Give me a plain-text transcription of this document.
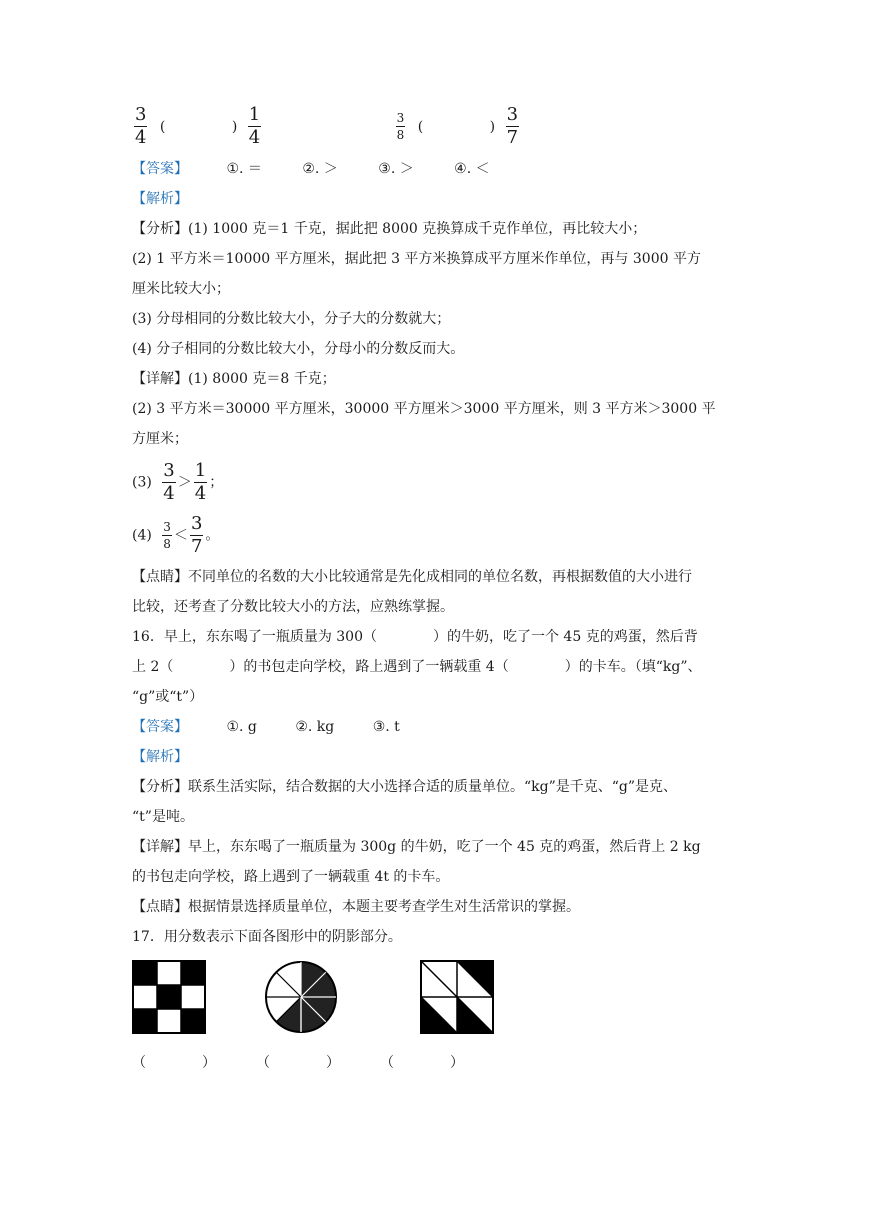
$\frac{3}{4}$ (	) $\frac{1}{4}$
	$\frac{3}{8}$ (	) $\frac{3}{7}$
【答案】	①. ＝	②. ＞	③. ＞	④. ＜
【解析】
【分析】(1) 1000 克＝1 千克，据此把 8000 克换算成千克作单位，再比较大小；
(2) 1 平方米＝10000 平方厘米，据此把 3 平方米换算成平方厘米作单位，再与 3000 平方
厘米比较大小；
(3) 分母相同的分数比较大小，分子大的分数就大；
(4) 分子相同的分数比较大小，分母小的分数反而大。
【详解】(1) 8000 克＝8 千克；
(2) 3 平方米＝30000 平方厘米，30000 平方厘米＞3000 平方厘米，则 3 平方米＞3000 平
方厘米；
$(3) \frac{3}{4} > \frac{1}{4}$ ；
$(4) \frac{3}{8} < \frac{3}{7}$ 。
【点睛】不同单位的名数的大小比较通常是先化成相同的单位名数，再根据数值的大小进行
比较，还考查了分数比较大小的方法，应熟练掌握。
16．早上，东东喝了一瓶质量为 300（　　　　）的牛奶，吃了一个 45 克的鸡蛋，然后背
上 2（　　　　）的书包走向学校，路上遇到了一辆载重 4（　　　　）的卡车。（填“kg”、
“g”或“t”）
【答案】	①. g	②. kg	③. t
【解析】
【分析】联系生活实际，结合数据的大小选择合适的质量单位。“kg”是千克、“g”是克、
“t”是吨。
【详解】早上，东东喝了一瓶质量为 300g 的牛奶，吃了一个 45 克的鸡蛋，然后背上 2 kg
的书包走向学校，路上遇到了一辆载重 4t 的卡车。
【点睛】根据情景选择质量单位，本题主要考查学生对生活常识的掌握。
17．用分数表示下面各图形中的阴影部分。
（　　　　）	（　　　　）	（　　　　）
